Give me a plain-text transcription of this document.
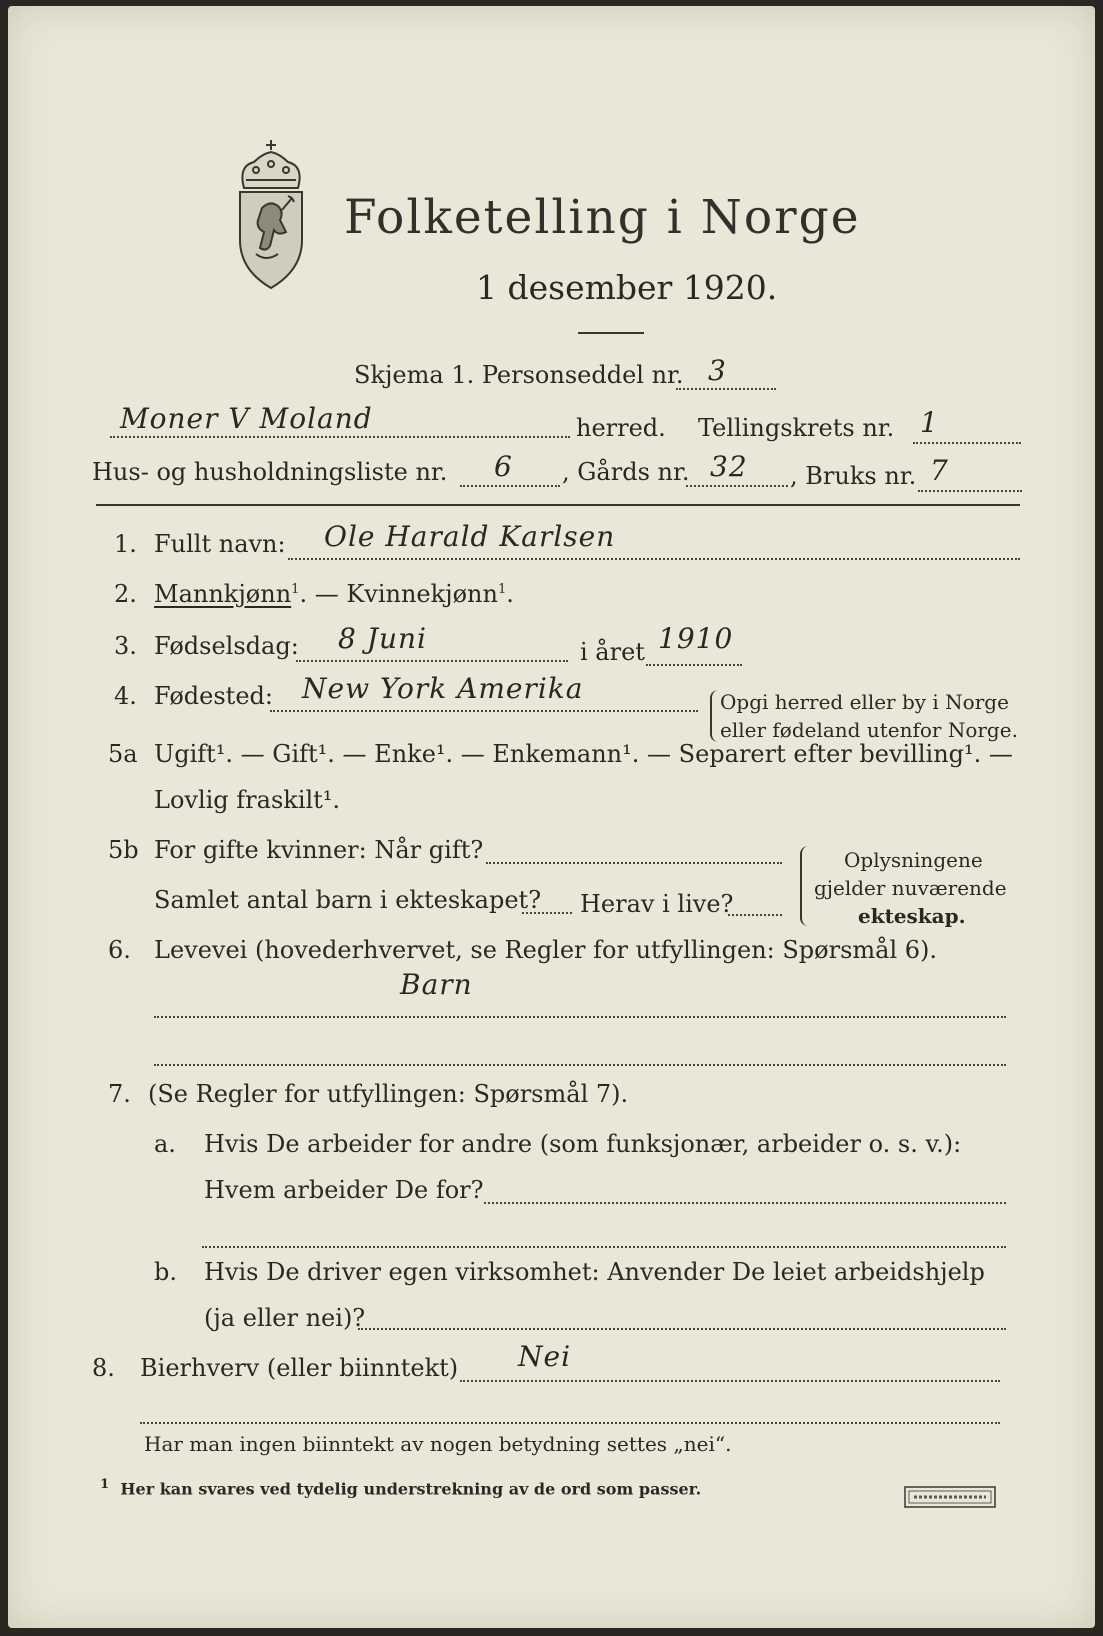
Folketelling i Norge
1 desember 1920.
Skjema 1. Personseddel nr. 3
Moner V Moland	herred. Tellingskrets nr. 1
Hus- og husholdningsliste nr. 6 , Gårds nr. 32 , Bruks nr. 7
1. Fullt navn: Ole Harald Karlsen
2. Mannkjønn$^1$. — Kvinnekjønn$^1$.
3. Fødselsdag: 8 Juni	i året 1910
4. Fødested: New York Amerika	Opgi herred eller by i Norge
eller fødeland utenfor Norge.
5a Ugift¹. — Gift¹. — Enke¹. — Enkemann¹. — Separert efter bevilling¹. —
Lovlig fraskilt¹.
5b For gifte kvinner: Når gift?
Samlet antal barn i ekteskapet? Herav i live?
Oplysningene
gjelder nuværende
ekteskap.
6. Levevei (hovederhvervet, se Regler for utfyllingen: Spørsmål 6).
Barn
7. (Se Regler for utfyllingen: Spørsmål 7).
a. Hvis De arbeider for andre (som funksjonær, arbeider o. s. v.):
Hvem arbeider De for?
b. Hvis De driver egen virksomhet: Anvender De leiet arbeidshjelp
(ja eller nei)?
8. Bierhverv (eller biinntekt) Nei
Har man ingen biinntekt av nogen betydning settes „nei“.
$^1$ Her kan svares ved tydelig understrekning av de ord som passer.
